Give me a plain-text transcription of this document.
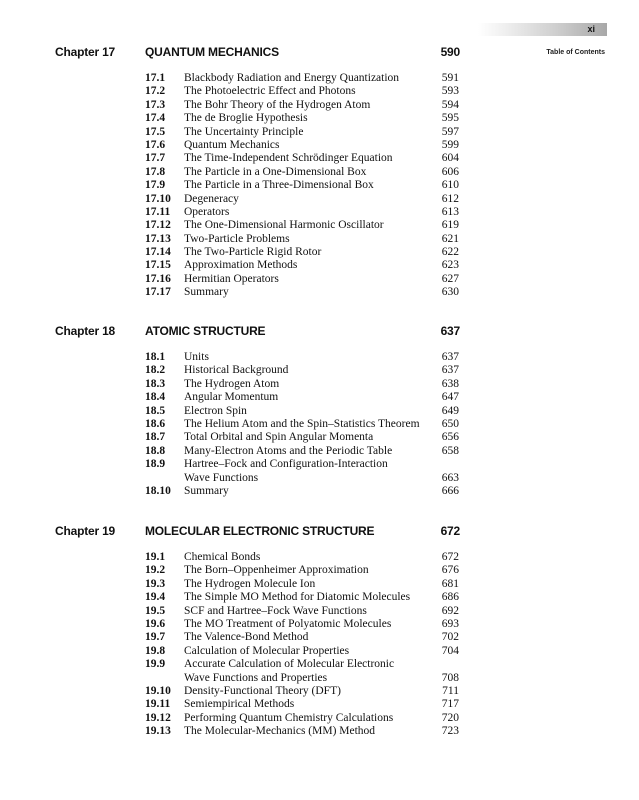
xi
Table of Contents
Chapter 17 QUANTUM MECHANICS	590
17.1 Blackbody Radiation and Energy Quantization	591
17.2 The Photoelectric Effect and Photons	593
17.3 The Bohr Theory of the Hydrogen Atom	594
17.4 The de Broglie Hypothesis	595
17.5 The Uncertainty Principle	597
17.6 Quantum Mechanics	599
17.7 The Time-Independent Schrödinger Equation	604
17.8 The Particle in a One-Dimensional Box	606
17.9 The Particle in a Three-Dimensional Box	610
17.10 Degeneracy	612
17.11 Operators	613
17.12 The One-Dimensional Harmonic Oscillator	619
17.13 Two-Particle Problems	621
17.14 The Two-Particle Rigid Rotor	622
17.15 Approximation Methods	623
17.16 Hermitian Operators	627
17.17 Summary	630
Chapter 18 ATOMIC STRUCTURE	637
18.1 Units	637
18.2 Historical Background	637
18.3 The Hydrogen Atom	638
18.4 Angular Momentum	647
18.5 Electron Spin	649
18.6 The Helium Atom and the Spin–Statistics Theorem 650
18.7 Total Orbital and Spin Angular Momenta	656
18.8 Many-Electron Atoms and the Periodic Table	658
18.9 Hartree–Fock and Configuration-Interaction
Wave Functions	663
18.10 Summary	666
Chapter 19 MOLECULAR ELECTRONIC STRUCTURE	672
19.1 Chemical Bonds	672
19.2 The Born–Oppenheimer Approximation	676
19.3 The Hydrogen Molecule Ion	681
19.4 The Simple MO Method for Diatomic Molecules	686
19.5 SCF and Hartree–Fock Wave Functions	692
19.6 The MO Treatment of Polyatomic Molecules	693
19.7 The Valence-Bond Method	702
19.8 Calculation of Molecular Properties	704
19.9 Accurate Calculation of Molecular Electronic
Wave Functions and Properties	708
19.10 Density-Functional Theory (DFT)	711
19.11 Semiempirical Methods	717
19.12 Performing Quantum Chemistry Calculations	720
19.13 The Molecular-Mechanics (MM) Method	723
